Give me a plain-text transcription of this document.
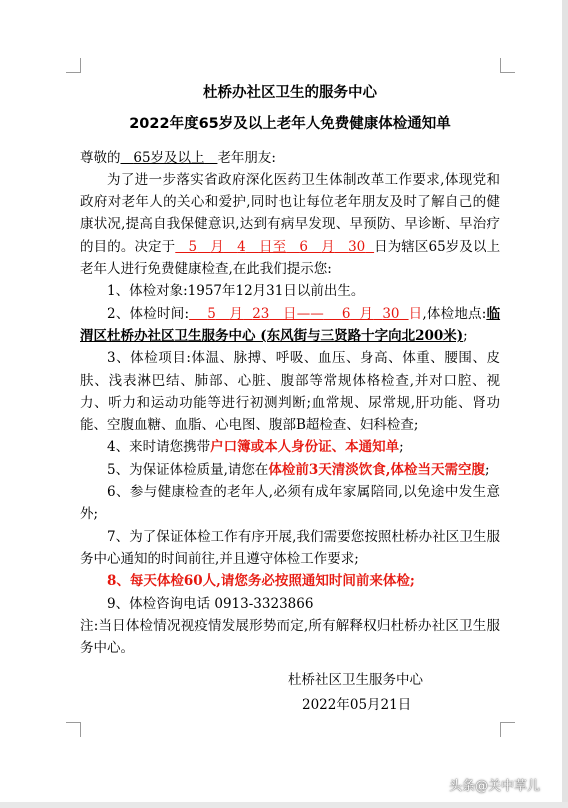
杜桥办社区卫生的服务中心
2022年度65岁及以上老年人免费健康体检通知单

尊敬的 65岁及以上 老年朋友:

为了进一步落实省政府深化医药卫生体制改革工作要求,体现党和政府对老年人的关心和爱护,同时也让每位老年朋友及时了解自己的健康状况,提高自我保健意识,达到有病早发现、早预防、早诊断、早治疗的目的。决定于 5 月 4 日至 6 月 30 日为辖区65岁及以上老年人进行免费健康检查,在此我们提示您:

1、体检对象:1957年12月31日以前出生。

2、体检时间: 5 月 23 日—— 6 月 30 日,体检地点:临渭区杜桥办社区卫生服务中心 (东风街与三贤路十字向北200米);

3、体检项目:体温、脉搏、呼吸、血压、身高、体重、腰围、皮肤、浅表淋巴结、肺部、心脏、腹部等常规体格检查,并对口腔、视力、听力和运动功能等进行初测判断;血常规、尿常规,肝功能、肾功能、空腹血糖、血脂、心电图、腹部B超检查、妇科检查;

4、来时请您携带户口簿或本人身份证、本通知单;

5、为保证体检质量,请您在体检前3天清淡饮食,体检当天需空腹;

6、参与健康检查的老年人,必须有成年家属陪同,以免途中发生意外;

7、为了保证体检工作有序开展,我们需要您按照杜桥办社区卫生服务中心通知的时间前往,并且遵守体检工作要求;

8、每天体检60人,请您务必按照通知时间前来体检;

9、体检咨询电话 0913-3323866

注:当日体检情况视疫情发展形势而定,所有解释权归杜桥办社区卫生服务中心。

杜桥社区卫生服务中心

2022年05月21日

头条@关中草儿
